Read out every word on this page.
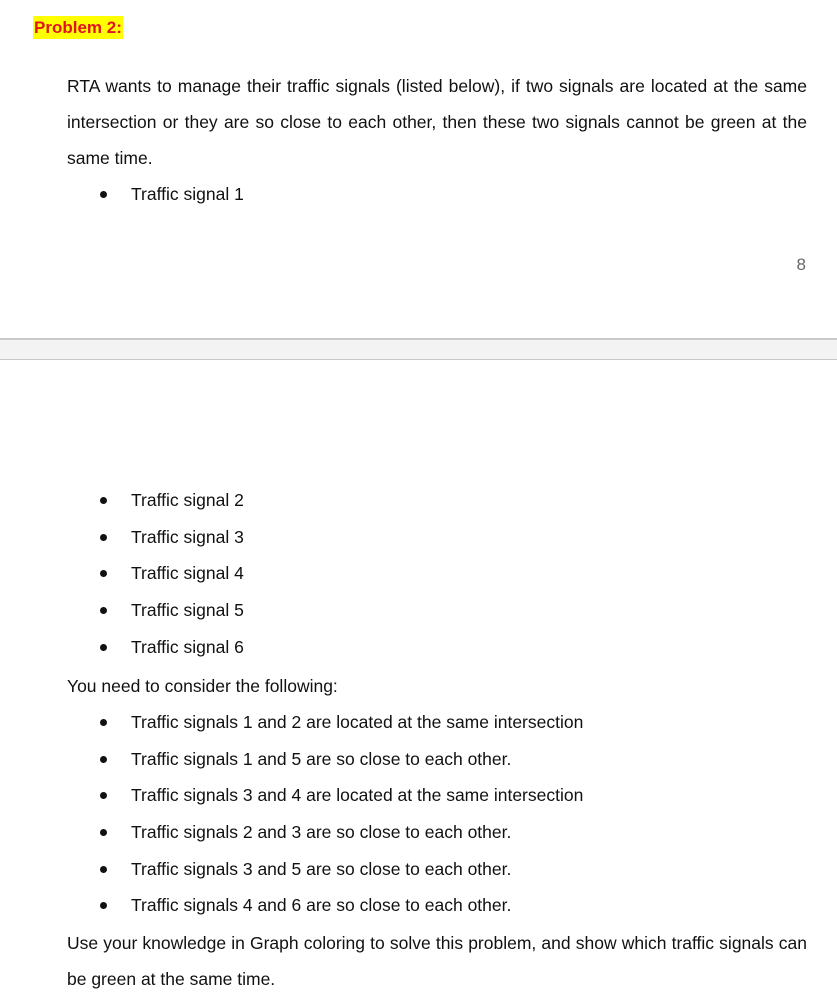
Problem 2:

RTA wants to manage their traffic signals (listed below), if two signals are located at the same intersection or they are so close to each other, then these two signals cannot be green at the same time.

Traffic signal 1
8
Traffic signal 2
Traffic signal 3
Traffic signal 4
Traffic signal 5
Traffic signal 6

You need to consider the following:

Traffic signals 1 and 2 are located at the same intersection
Traffic signals 1 and 5 are so close to each other.
Traffic signals 3 and 4 are located at the same intersection
Traffic signals 2 and 3 are so close to each other.
Traffic signals 3 and 5 are so close to each other.
Traffic signals 4 and 6 are so close to each other.

Use your knowledge in Graph coloring to solve this problem, and show which traffic signals can be green at the same time.
